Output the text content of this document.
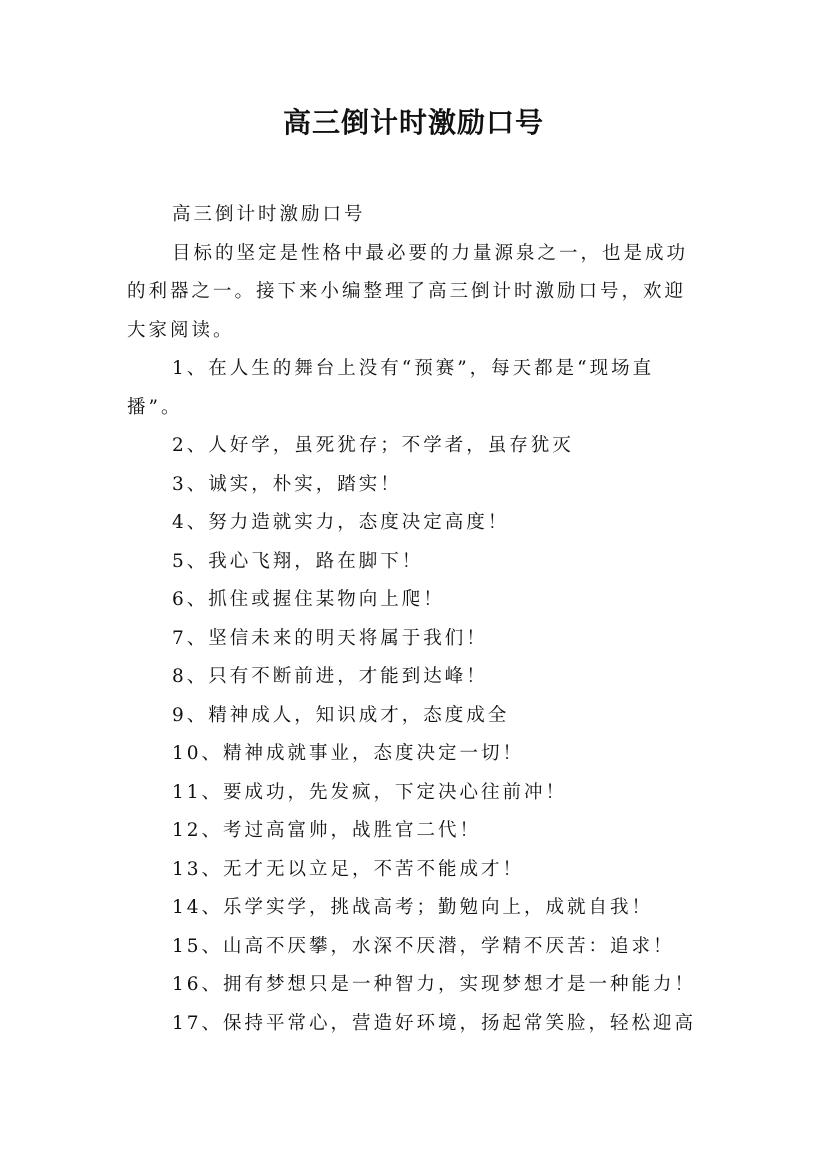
高三倒计时激励口号

高三倒计时激励口号

目标的坚定是性格中最必要的力量源泉之一，也是成功的利器之一。接下来小编整理了高三倒计时激励口号，欢迎大家阅读。

1、在人生的舞台上没有“预赛”，每天都是“现场直播”。

2、人好学，虽死犹存；不学者，虽存犹灭

3、诚实，朴实，踏实！

4、努力造就实力，态度决定高度！

5、我心飞翔，路在脚下！

6、抓住或握住某物向上爬！

7、坚信未来的明天将属于我们！

8、只有不断前进，才能到达峰！

9、精神成人，知识成才，态度成全

10、精神成就事业，态度决定一切！

11、要成功，先发疯，下定决心往前冲！

12、考过高富帅，战胜官二代！

13、无才无以立足，不苦不能成才！

14、乐学实学，挑战高考；勤勉向上，成就自我！

15、山高不厌攀，水深不厌潜，学精不厌苦：追求！

16、拥有梦想只是一种智力，实现梦想才是一种能力！

17、保持平常心，营造好环境，扬起常笑脸，轻松迎高
